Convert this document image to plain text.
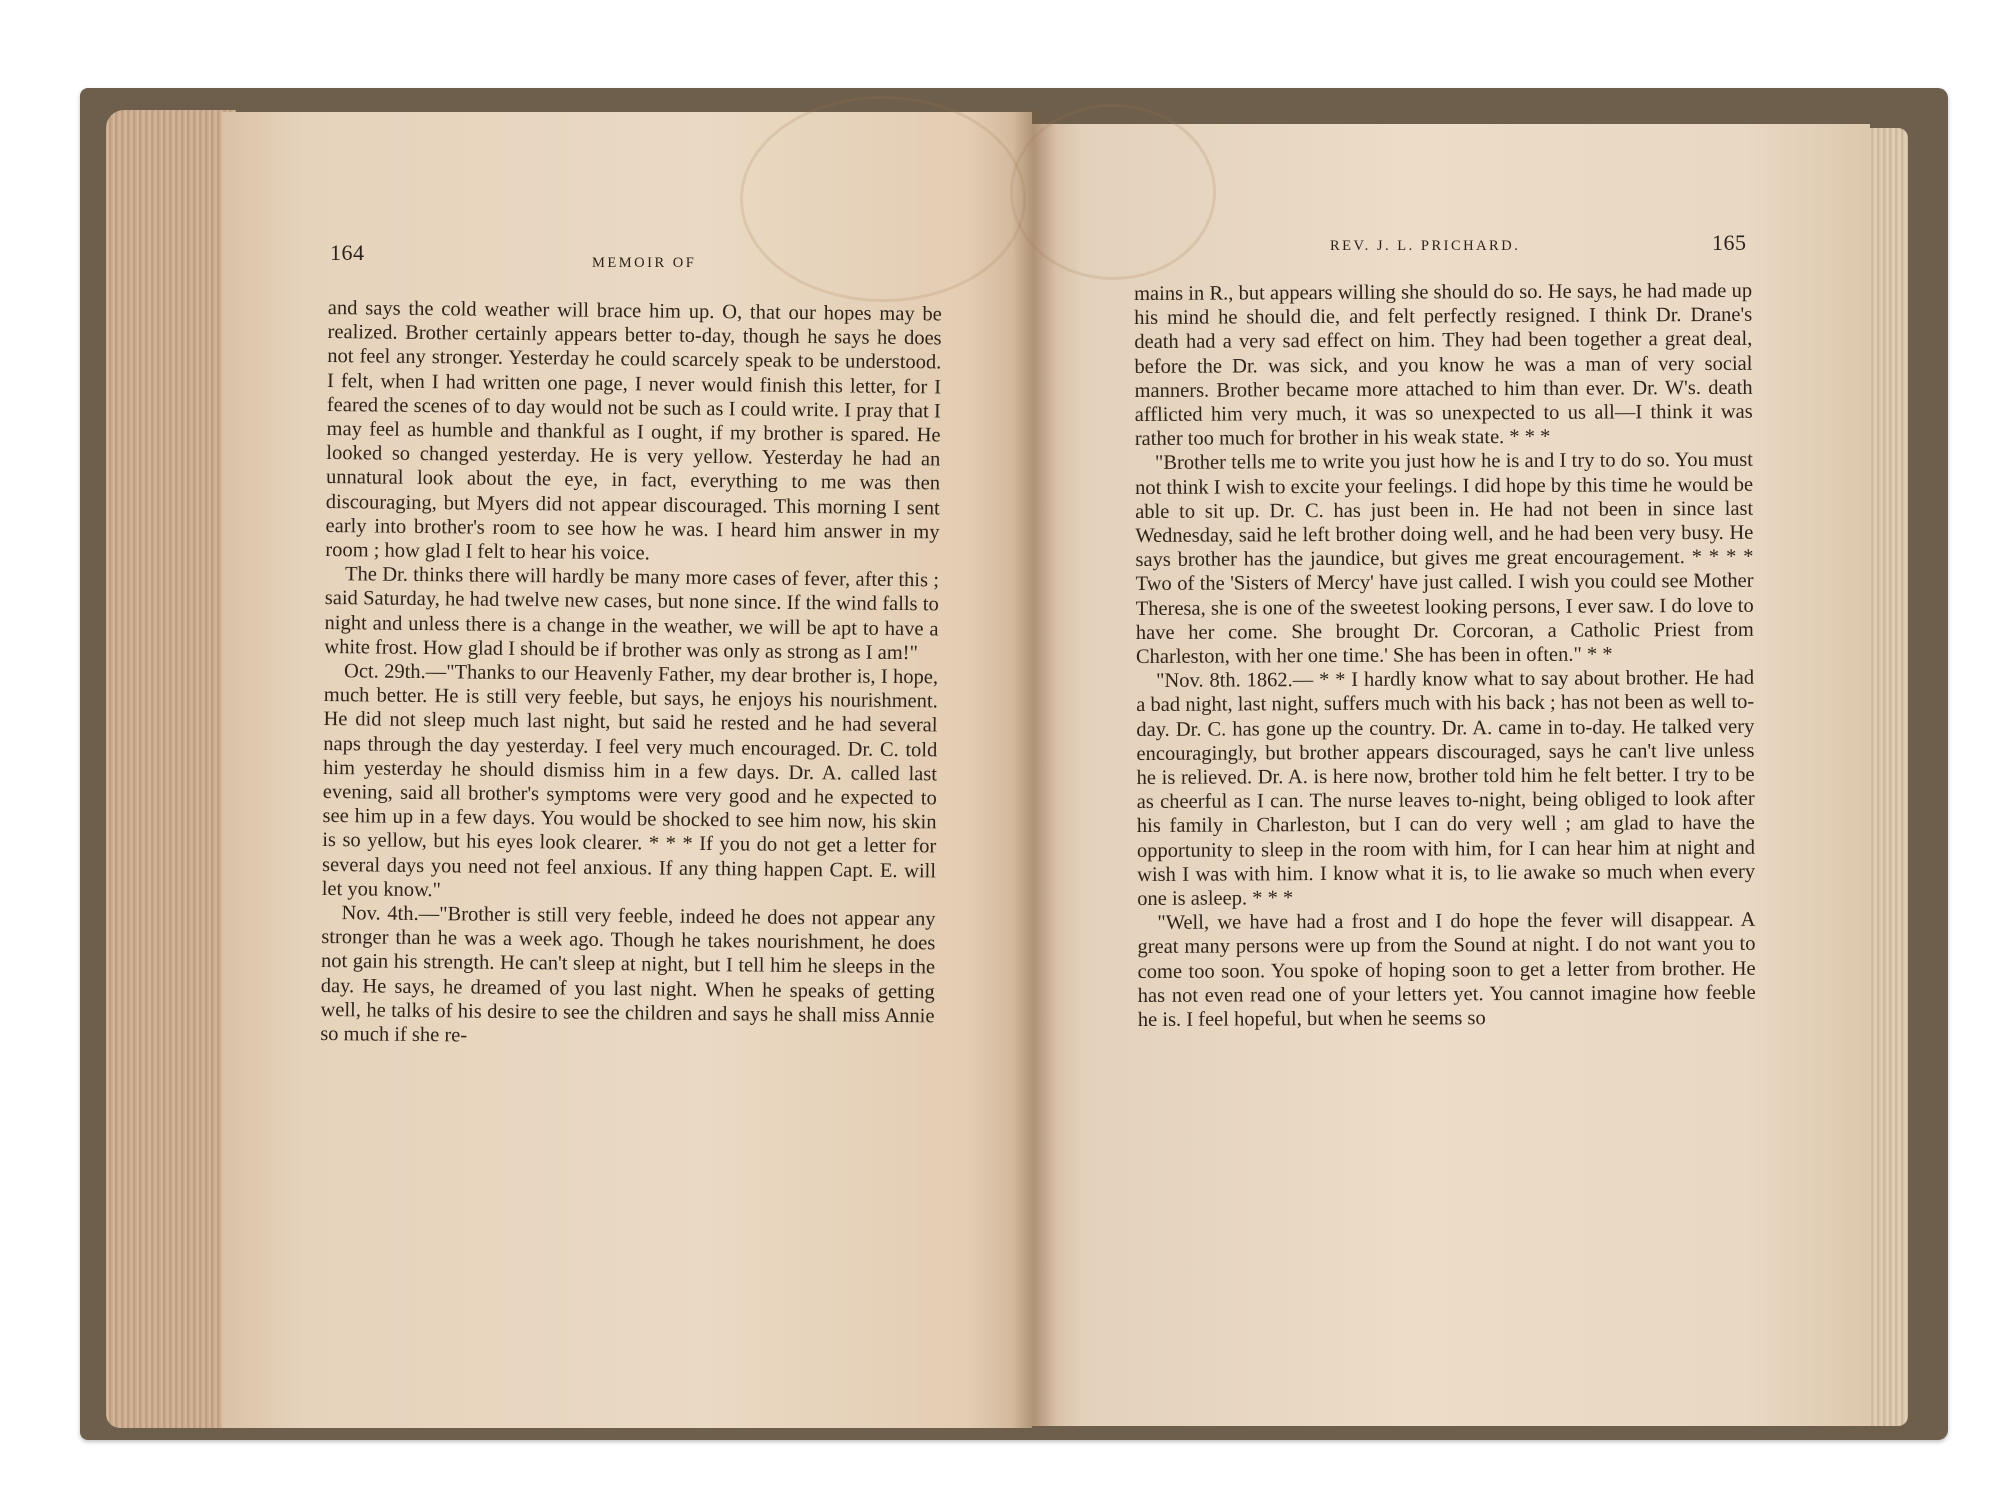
164	MEMOIR OF
REV. J. L. PRICHARD.	165

and says the cold weather will brace him up. O, that our hopes may be realized. Brother certainly appears better to-day, though he says he does not feel any stronger. Yesterday he could scarcely speak to be understood. I felt, when I had written one page, I never would finish this letter, for I feared the scenes of to day would not be such as I could write. I pray that I may feel as humble and thankful as I ought, if my brother is spared. He looked so changed yesterday. He is very yellow. Yesterday he had an unnatural look about the eye, in fact, everything to me was then discouraging, but Myers did not appear discouraged. This morning I sent early into brother's room to see how he was. I heard him answer in my room ; how glad I felt to hear his voice.

The Dr. thinks there will hardly be many more cases of fever, after this ; said Saturday, he had twelve new cases, but none since. If the wind falls to night and unless there is a change in the weather, we will be apt to have a white frost. How glad I should be if brother was only as strong as I am!"

Oct. 29th.—"Thanks to our Heavenly Father, my dear brother is, I hope, much better. He is still very feeble, but says, he enjoys his nourishment. He did not sleep much last night, but said he rested and he had several naps through the day yesterday. I feel very much encouraged. Dr. C. told him yesterday he should dismiss him in a few days. Dr. A. called last evening, said all brother's symptoms were very good and he expected to see him up in a few days. You would be shocked to see him now, his skin is so yellow, but his eyes look clearer. * * * If you do not get a letter for several days you need not feel anxious. If any thing happen Capt. E. will let you know."

Nov. 4th.—"Brother is still very feeble, indeed he does not appear any stronger than he was a week ago. Though he takes nourishment, he does not gain his strength. He can't sleep at night, but I tell him he sleeps in the day. He says, he dreamed of you last night. When he speaks of getting well, he talks of his desire to see the children and says he shall miss Annie so much if she re-

mains in R., but appears willing she should do so. He says, he had made up his mind he should die, and felt perfectly resigned. I think Dr. Drane's death had a very sad effect on him. They had been together a great deal, before the Dr. was sick, and you know he was a man of very social manners. Brother became more attached to him than ever. Dr. W's. death afflicted him very much, it was so unexpected to us all—I think it was rather too much for brother in his weak state. * * *

"Brother tells me to write you just how he is and I try to do so. You must not think I wish to excite your feelings. I did hope by this time he would be able to sit up. Dr. C. has just been in. He had not been in since last Wednesday, said he left brother doing well, and he had been very busy. He says brother has the jaundice, but gives me great encouragement. * * * * Two of the 'Sisters of Mercy' have just called. I wish you could see Mother Theresa, she is one of the sweetest looking persons, I ever saw. I do love to have her come. She brought Dr. Corcoran, a Catholic Priest from Charleston, with her one time.' She has been in often." * *

"Nov. 8th. 1862.— * * I hardly know what to say about brother. He had a bad night, last night, suffers much with his back ; has not been as well to-day. Dr. C. has gone up the country. Dr. A. came in to-day. He talked very encouragingly, but brother appears discouraged, says he can't live unless he is relieved. Dr. A. is here now, brother told him he felt better. I try to be as cheerful as I can. The nurse leaves to-night, being obliged to look after his family in Charleston, but I can do very well ; am glad to have the opportunity to sleep in the room with him, for I can hear him at night and wish I was with him. I know what it is, to lie awake so much when every one is asleep. * * *

"Well, we have had a frost and I do hope the fever will disappear. A great many persons were up from the Sound at night. I do not want you to come too soon. You spoke of hoping soon to get a letter from brother. He has not even read one of your letters yet. You cannot imagine how feeble he is. I feel hopeful, but when he seems so
